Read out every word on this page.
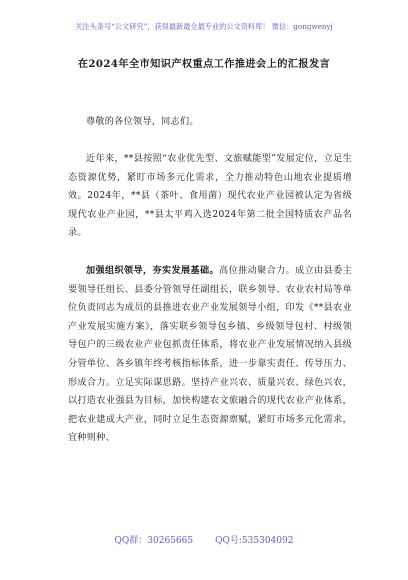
关注头条号“公文研究”，获得最新最全最专业的公文资料库！ 微信：gongwenyj
在2024年全市知识产权重点工作推进会上的汇报发言
尊敬的各位领导，同志们。
近年来，**县按照“农业优先型、文旅赋能型”发展定位，立足生态资源优势，紧盯市场多元化需求，全力推动特色山地农业提质增效。2024年，**县（茶叶、食用菌）现代农业产业园被认定为省级现代农业产业园，**县太平鸡入选2024年第二批全国特质农产品名录。
加强组织领导，夯实发展基础。高位推动聚合力。成立由县委主要领导任组长、县委分管领导任副组长，联乡领导、农业农村局等单位负责同志为成员的县推进农业产业发展领导小组，印发《**县农业产业发展实施方案》，落实联乡领导包乡镇、乡级领导包村、村级领导包户的三级农业产业包抓责任体系，将农业产业发展情况纳入县级分管单位、各乡镇年终考核指标体系，进一步靠实责任、传导压力、形成合力。立足实际谋思路。坚持产业兴农、质量兴农、绿色兴农，以打造农业强县为目标，加快构建农文旅融合的现代农业产业体系，把农业建成大产业，同时立足生态资源禀赋，紧盯市场多元化需求，宜种则种、
QQ群：30265665 QQ号:535304092
